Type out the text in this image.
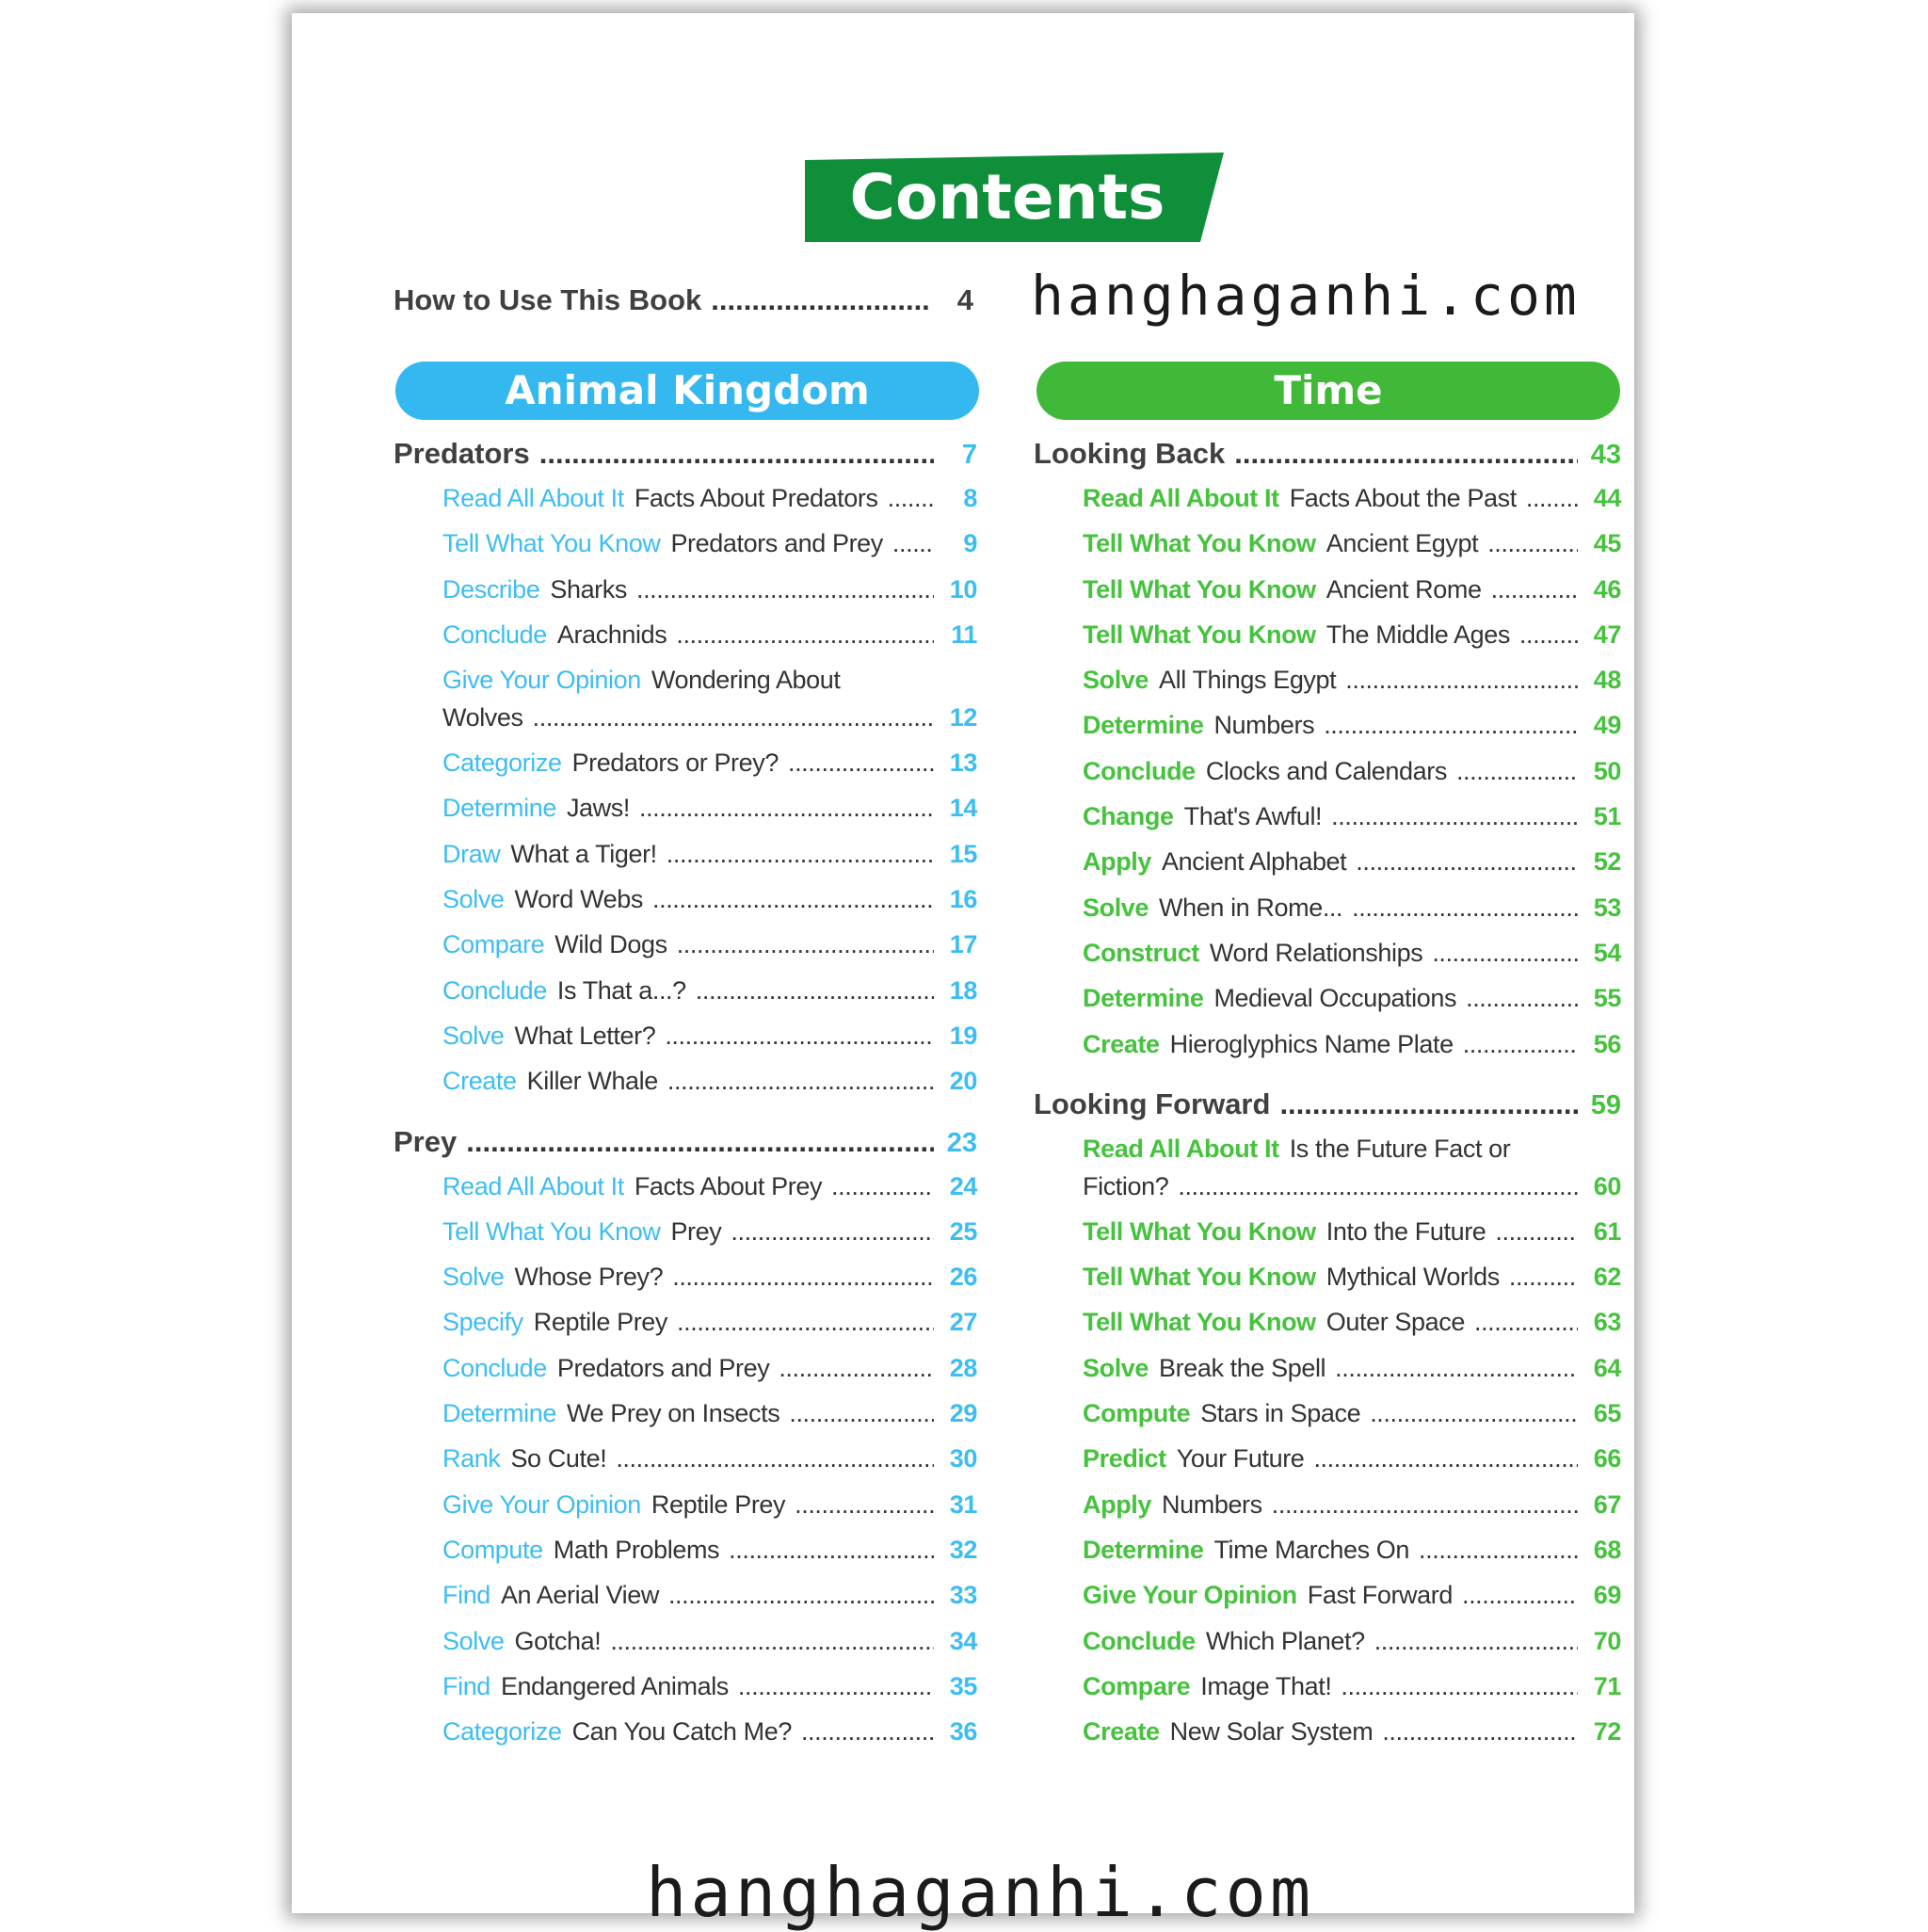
Contents
hanghaganhi.com
How to Use This Book .....	4
Animal Kingdom	Time
Predators .....	7
Read All About It Facts About Predators .....	8
Tell What You Know Predators and Prey .....	9
Describe Sharks .....	10
Conclude Arachnids .....	11
Give Your Opinion Wondering About
Wolves .....	12
Categorize Predators or Prey? .....	13
Determine Jaws! .....	14
Draw What a Tiger! .....	15
Solve Word Webs .....	16
Compare Wild Dogs .....	17
Conclude Is That a...? .....	18
Solve What Letter? .....	19
Create Killer Whale .....	20
Prey .....	23
Read All About It Facts About Prey .....	24
Tell What You Know Prey .....	25
Solve Whose Prey? .....	26
Specify Reptile Prey .....	27
Conclude Predators and Prey .....	28
Determine We Prey on Insects .....	29
Rank So Cute! .....	30
Give Your Opinion Reptile Prey .....	31
Compute Math Problems .....	32
Find An Aerial View .....	33
Solve Gotcha! .....	34
Find Endangered Animals .....	35
Categorize Can You Catch Me? .....	36
Looking Back .....	43
Read All About It Facts About the Past .....	44
Tell What You Know Ancient Egypt .....	45
Tell What You Know Ancient Rome .....	46
Tell What You Know The Middle Ages .....	47
Solve All Things Egypt .....	48
Determine Numbers .....	49
Conclude Clocks and Calendars .....	50
Change That's Awful! .....	51
Apply Ancient Alphabet .....	52
Solve When in Rome... .....	53
Construct Word Relationships .....	54
Determine Medieval Occupations .....	55
Create Hieroglyphics Name Plate .....	56
Looking Forward .....	59
Read All About It Is the Future Fact or
Fiction? .....	60
Tell What You Know Into the Future .....	61
Tell What You Know Mythical Worlds .....	62
Tell What You Know Outer Space .....	63
Solve Break the Spell .....	64
Compute Stars in Space .....	65
Predict Your Future .....	66
Apply Numbers .....	67
Determine Time Marches On .....	68
Give Your Opinion Fast Forward .....	69
Conclude Which Planet? .....	70
Compare Image That! .....	71
Create New Solar System .....	72
hanghaganhi.com
